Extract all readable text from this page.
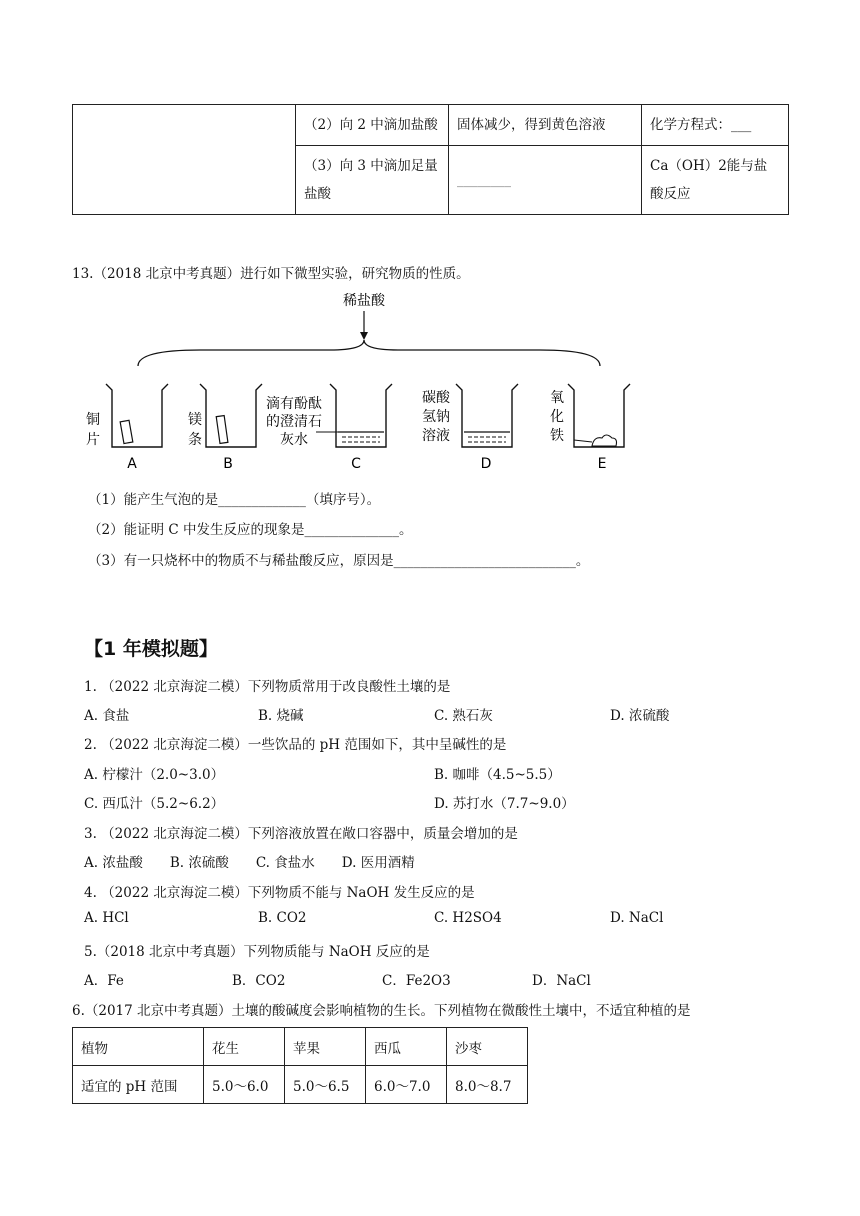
	（2）向 2 中滴加盐酸	固体减少，得到黄色溶液	化学方程式：___
	（3）向 3 中滴加足量盐酸	________	Ca（OH）2能与盐酸反应
13.（2018 北京中考真题）进行如下微型实验，研究物质的性质。
稀盐酸
铜
片
A
镁
条
B
滴有酚酞
的澄清石
灰水
C
碳酸
氢钠
溶液
D
氧
化
铁
E
（1）能产生气泡的是_____________（填序号）。
（2）能证明 C 中发生反应的现象是______________。
（3）有一只烧杯中的物质不与稀盐酸反应，原因是___________________________。
【1 年模拟题】
1. （2022 北京海淀二模）下列物质常用于改良酸性土壤的是
A. 食盐	B. 烧碱	C. 熟石灰	D. 浓硫酸
2. （2022 北京海淀二模）一些饮品的 pH 范围如下，其中呈碱性的是
A. 柠檬汁（2.0~3.0）	B. 咖啡（4.5~5.5）
C. 西瓜汁（5.2~6.2）	D. 苏打水（7.7~9.0）
3. （2022 北京海淀二模）下列溶液放置在敞口容器中，质量会增加的是
A. 浓盐酸　　B. 浓硫酸　　C. 食盐水　　D. 医用酒精
4. （2022 北京海淀二模）下列物质不能与 NaOH 发生反应的是
A. HCl	B. CO2	C. H2SO4	D. NaCl
5.（2018 北京中考真题）下列物质能与 NaOH 反应的是
A．Fe	B．CO2	C．Fe2O3	D．NaCl
6.（2017 北京中考真题）土壤的酸碱度会影响植物的生长。下列植物在微酸性土壤中，不适宜种植的是
植物	花生	苹果	西瓜	沙枣
适宜的 pH 范围	5.0～6.0	5.0～6.5	6.0～7.0	8.0～8.7
